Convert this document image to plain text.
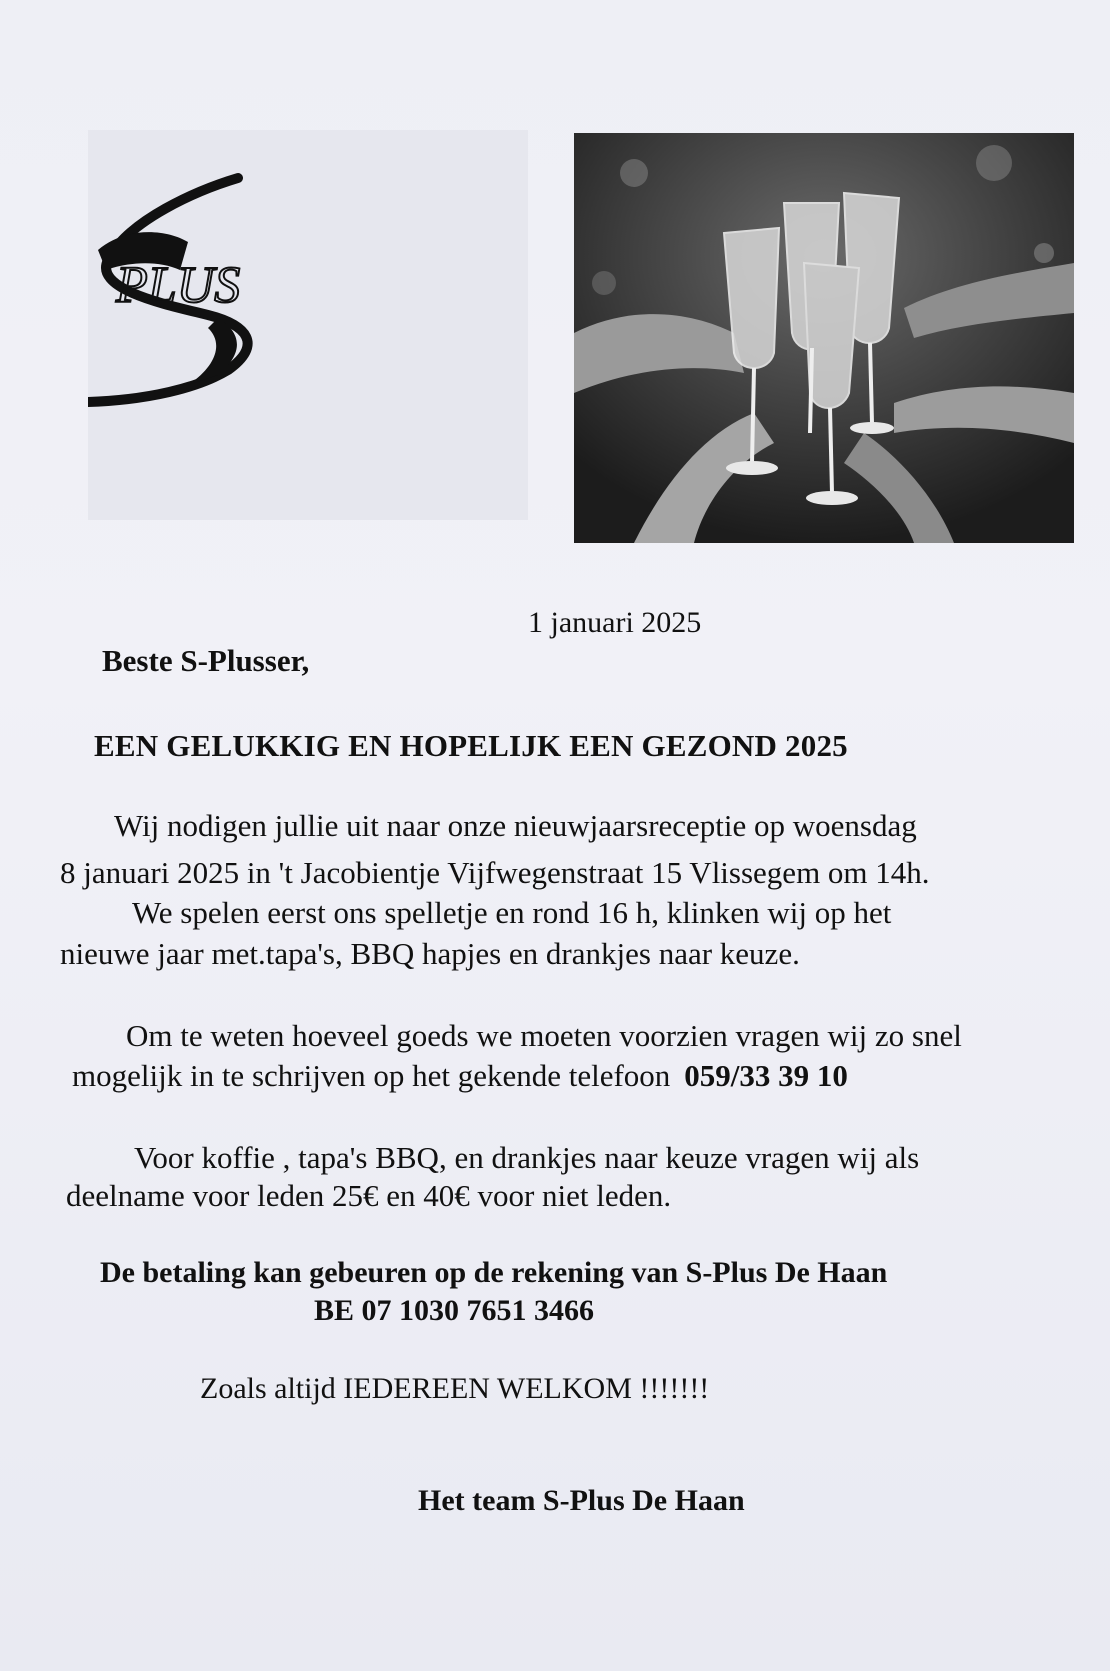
PLUS
1 januari 2025
Beste S-Plusser,
EEN GELUKKIG EN HOPELIJK EEN GEZOND 2025
Wij nodigen jullie uit naar onze nieuwjaarsreceptie op woensdag
8 januari 2025 in 't Jacobientje Vijfwegenstraat 15 Vlissegem om 14h.
We spelen eerst ons spelletje en rond 16 h, klinken wij op het
nieuwe jaar met.tapa's, BBQ hapjes en drankjes naar keuze.
Om te weten hoeveel goeds we moeten voorzien vragen wij zo snel
mogelijk in te schrijven op het gekende telefoon 059/33 39 10
Voor koffie , tapa's BBQ, en drankjes naar keuze vragen wij als
deelname voor leden 25€ en 40€ voor niet leden.
De betaling kan gebeuren op de rekening van S-Plus De Haan
BE 07 1030 7651 3466
Zoals altijd IEDEREEN WELKOM !!!!!!!
Het team S-Plus De Haan
